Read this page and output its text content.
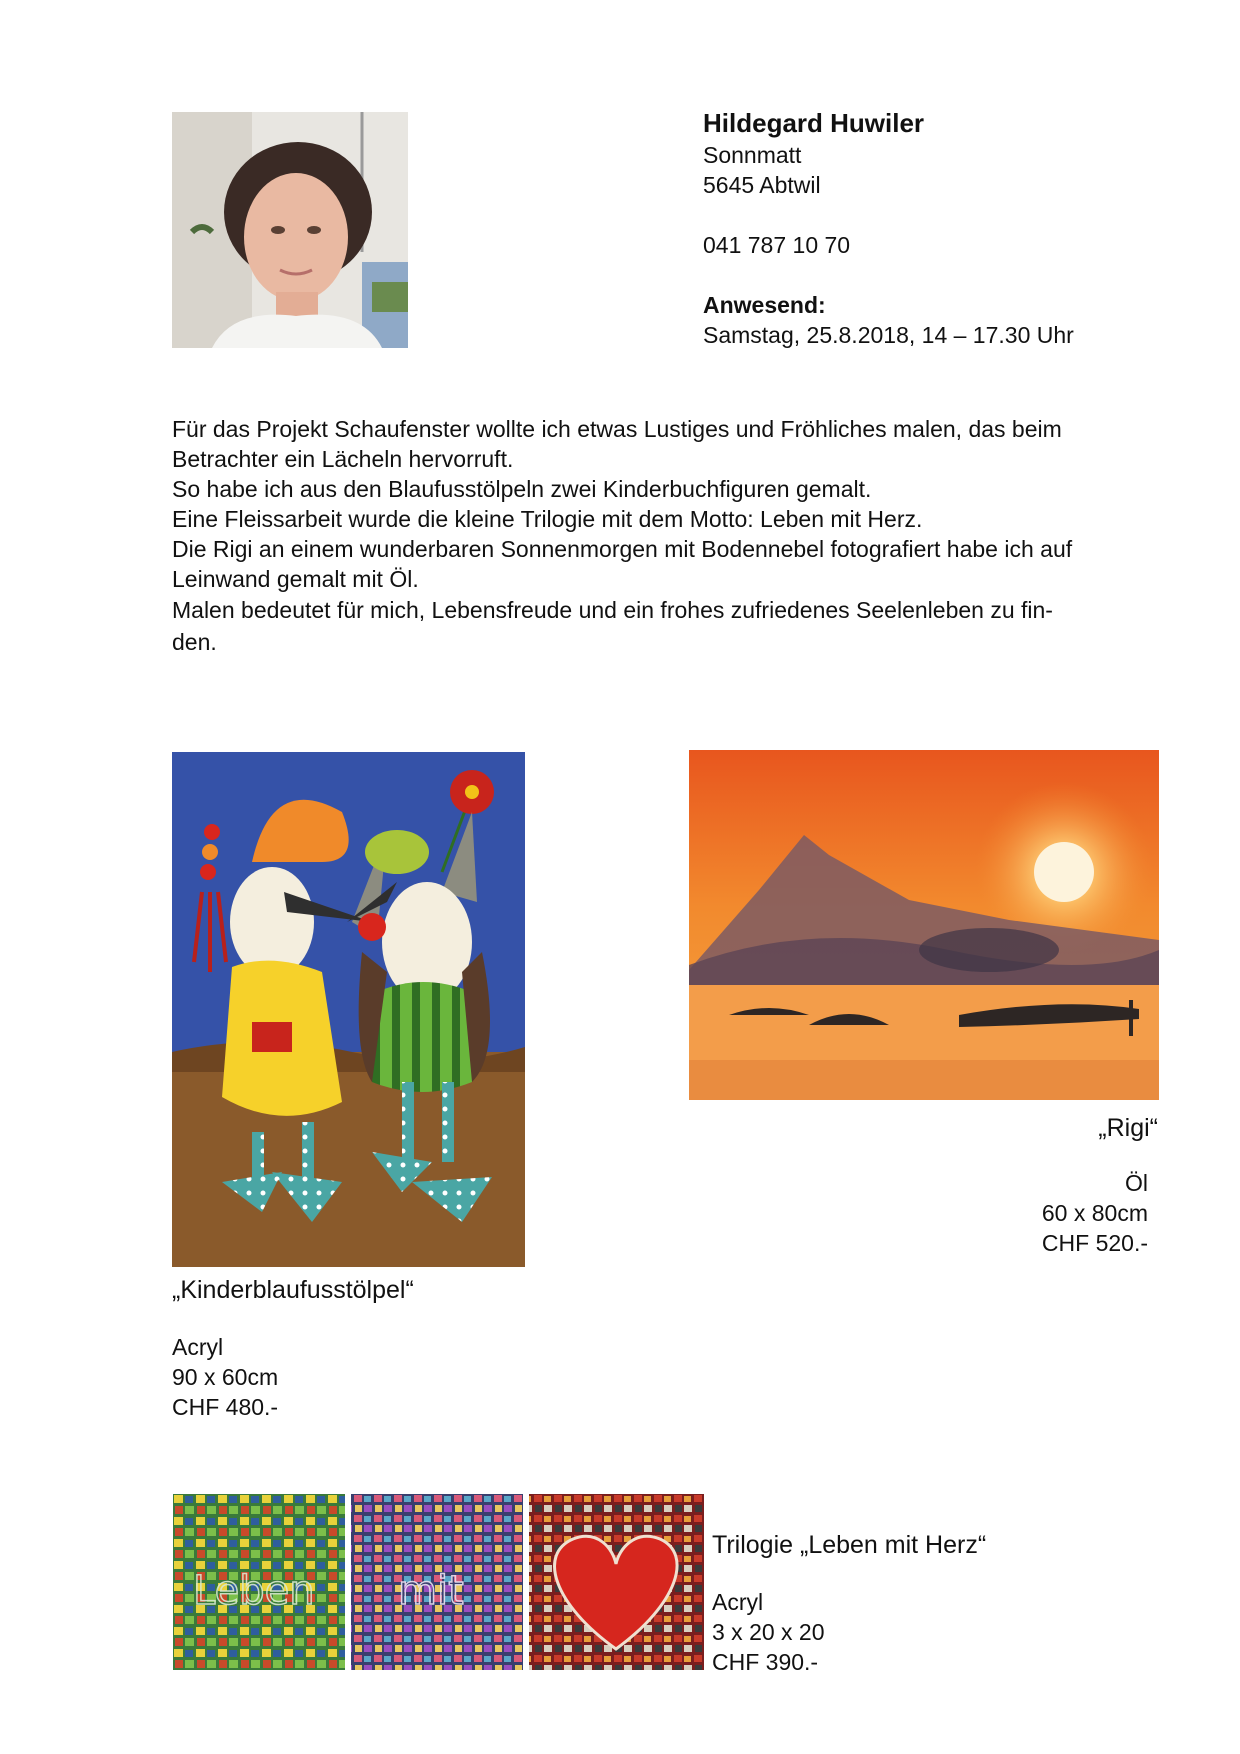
Hildegard Huwiler
Sonnmatt
5645 Abtwil
041 787 10 70
Anwesend:
Samstag, 25.8.2018, 14 – 17.30 Uhr
Für das Projekt Schaufenster wollte ich etwas Lustiges und Fröhliches malen, das beim
Betrachter ein Lächeln hervorruft.
So habe ich aus den Blaufusstölpeln zwei Kinderbuchfiguren gemalt.
Eine Fleissarbeit wurde die kleine Trilogie mit dem Motto: Leben mit Herz.
Die Rigi an einem wunderbaren Sonnenmorgen mit Bodennebel fotografiert habe ich auf
Leinwand gemalt mit Öl.
Malen bedeutet für mich, Lebensfreude und ein frohes zufriedenes Seelenleben zu fin-
den.
„Kinderblaufusstölpel“
Acryl
90 x 60cm
CHF 480.-
„Rigi“
Öl
60 x 80cm
CHF 520.-
Leben mit
Trilogie „Leben mit Herz“
Acryl
3 x 20 x 20
CHF 390.-
